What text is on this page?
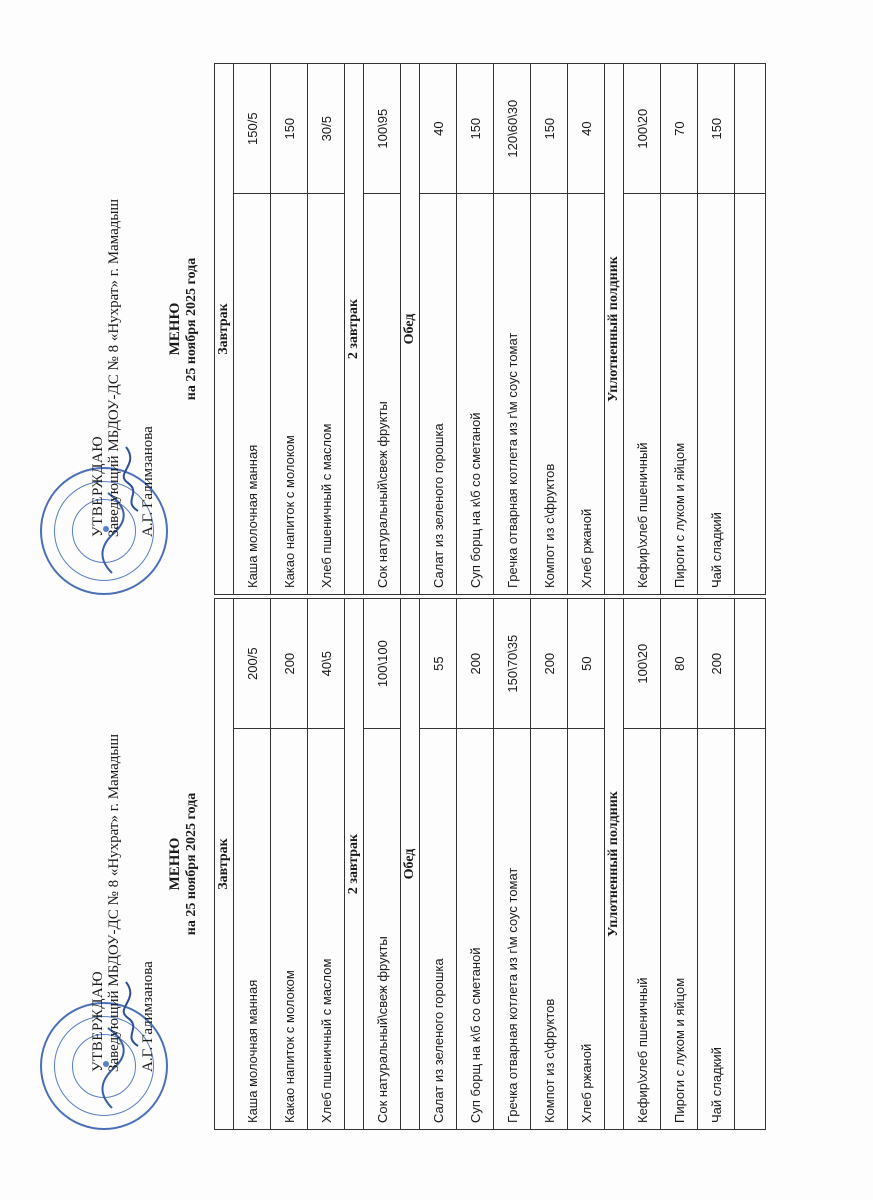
УТВЕРЖДАЮ Заведующий МБДОУ-ДС № 8 «Нухрат» г. Мамадыш А.Г. Галимзанова
МЕНЮ на 25 ноября 2025 года Завтрак	
Каша молочная манная	150/5
Какао напиток с молоком	150
Хлеб пшеничный с маслом	30/5
2 завтрак	
Сок натуральный\свеж фрукты	100\95
Обед	
Салат из зеленого горошка	40
Суп борщ на к\б со сметаной	150
Гречка отварная котлета из г\м соус томат	120\60\30
Компот из с\фруктов	150
Хлеб ржаной	40
Уплотненный полдник	
Кефир\хлеб пшеничный	100\20
Пироги с луком и яйцом	70
Чай сладкий	150

УТВЕРЖДАЮ Заведующий МБДОУ-ДС № 8 «Нухрат» г. Мамадыш А.Г. Галимзанова
МЕНЮ на 25 ноября 2025 года Завтрак	
Каша молочная манная	200/5
Какао напиток с молоком	200
Хлеб пшеничный с маслом	40\5
2 завтрак	
Сок натуральный\свеж фрукты	100\100
Обед	
Салат из зеленого горошка	55
Суп борщ на к\б со сметаной	200
Гречка отварная котлета из г\м соус томат	150\70\35
Компот из с\фруктов	200
Хлеб ржаной	50
Уплотненный полдник	
Кефир\хлеб пшеничный	100\20
Пироги с луком и яйцом	80
Чай сладкий	200
